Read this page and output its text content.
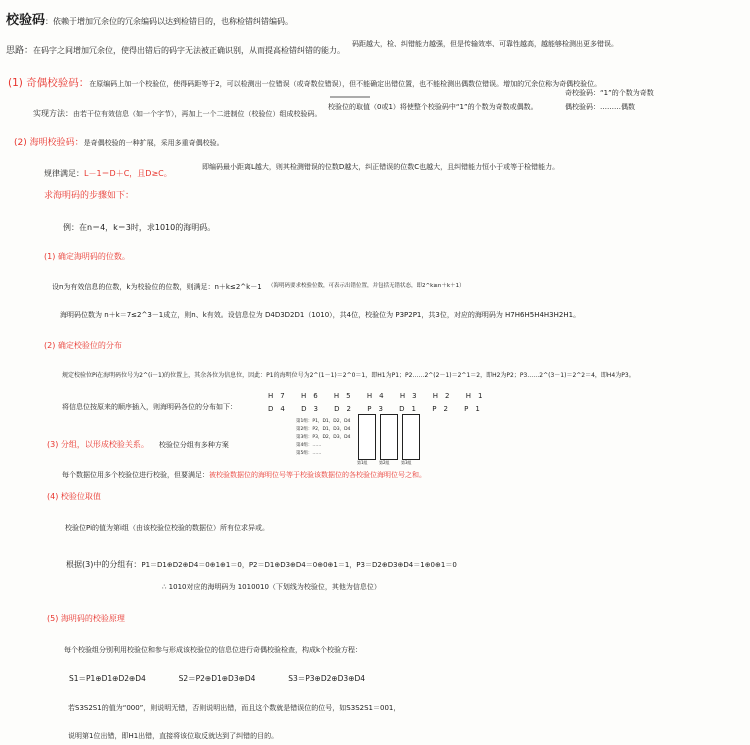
校验码：依赖于增加冗余位的冗余编码以达到检错目的，也称检错纠错编码。
思路：在码字之间增加冗余位，使得出错后的码字无法被正确识别，从而提高检错纠错的能力。
码距越大，检、纠错能力越强，但是传输效率、可靠性越高，越能够检测出更多错误。
(1) 奇偶校验码：在原编码上加一个校验位，使得码距等于2，可以检测出一位错误（或奇数位错误），但不能确定出错位置，也不能检测出偶数位错误。增加的冗余位称为奇偶校验位。
实现方法：由若干位有效信息（如一个字节），再加上一个二进制位（校验位）组成校验码。
校验位的取值（0或1）将使整个校验码中“1”的个数为奇数或偶数。
奇校验码：“1”的个数为奇数
偶校验码：………偶数
(2) 海明校验码：是奇偶校验的一种扩展，采用多重奇偶校验。
规律满足：L－1＝D＋C，且D≥C。
即编码最小距离L越大，则其检测错误的位数D越大，纠正错误的位数C也越大，且纠错能力恒小于或等于检错能力。
求海明码的步骤如下：
例：在n＝4，k＝3时，求1010的海明码。
(1) 确定海明码的位数。
设n为有效信息的位数，k为校验位的位数，则满足：n＋k≤2^k－1 （海明码要求校验位数，可表示出错位置，并包括无错状态，即2^k≥n＋k＋1）
海明码位数为 n＋k＝7≤2^3－1成立，则n、k有效。设信息位为 D4D3D2D1（1010），共4位，校验位为 P3P2P1，共3位，对应的海明码为 H7H6H5H4H3H2H1。
(2) 确定校验位的分布
规定校验位Pi在海明码位号为2^(i－1)的位置上，其余各位为信息位，因此：P1的海明位号为2^(1－1)＝2^0＝1，即H1为P1；P2……2^(2－1)＝2^1＝2，即H2为P2；P3……2^(3－1)＝2^2＝4，即H4为P3。
将信息位按原来的顺序插入，则海明码各位的分布如下：
H7 H6 H5 H4 H3 H2 H1
D4 D3 D2 P3 D1 P2 P1
(3) 分组，以形成校验关系。 校验位分组有多种方案
每个数据位用多个校验位进行校验，但要满足：被校验数据位的海明位号等于校验该数据位的各校验位海明位号之和。
第1组：P1，D1，D2，D4
第2组：P2，D1，D3，D4
第3组：P3，D2，D3，D4
第4组：……
第5组：……
第1组	第2组	第3组
(4) 校验位取值
校验位Pi的值为第i组（由该校验位校验的数据位）所有位求异或。
根据(3)中的分组有：P1＝D1⊕D2⊕D4＝0⊕1⊕1＝0，P2＝D1⊕D3⊕D4＝0⊕0⊕1＝1，P3＝D2⊕D3⊕D4＝1⊕0⊕1＝0
∴ 1010对应的海明码为 1010010（下划线为校验位，其他为信息位）
(5) 海明码的校验原理
每个校验组分别利用校验位和参与形成该校验位的信息位进行奇偶校验检查，构成k个校验方程：
S1＝P1⊕D1⊕D2⊕D4	S2＝P2⊕D1⊕D3⊕D4	S3＝P3⊕D2⊕D3⊕D4
若S3S2S1的值为“000”，则说明无错，否则说明出错，而且这个数就是错误位的位号，如S3S2S1＝001，
说明第1位出错，即H1出错，直接将该位取反就达到了纠错的目的。
